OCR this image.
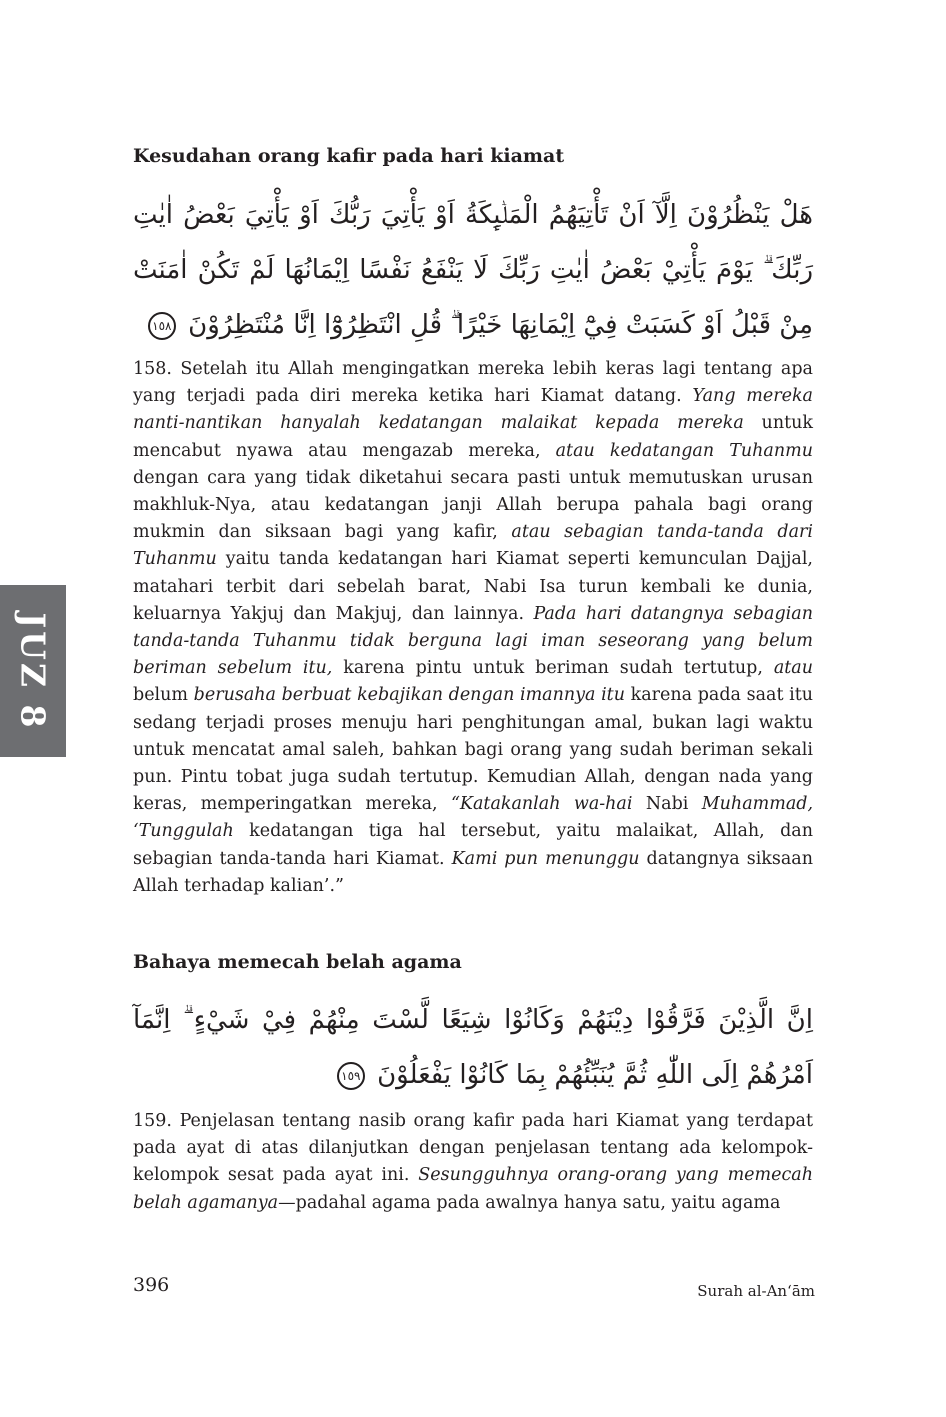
JUZ 8
Kesudahan orang kafir pada hari kiamat

هَلْ يَنْظُرُوْنَ اِلَّآ اَنْ تَأْتِيَهُمُ الْمَلٰۤىِٕكَةُ اَوْ يَأْتِيَ رَبُّكَ اَوْ يَأْتِيَ بَعْضُ اٰيٰتِ رَبِّكَ ۗ يَوْمَ يَأْتِيْ بَعْضُ اٰيٰتِ رَبِّكَ لَا يَنْفَعُ نَفْسًا اِيْمَانُهَا لَمْ تَكُنْ اٰمَنَتْ مِنْ قَبْلُ اَوْ كَسَبَتْ فِيْٓ اِيْمَانِهَا خَيْرًا ۗ قُلِ انْتَظِرُوْٓا اِنَّا مُنْتَظِرُوْنَ ١٥٨

158. Setelah itu Allah mengingatkan mereka lebih keras lagi tentang apa yang terjadi pada diri mereka ketika hari Kiamat datang. Yang mereka nanti-nantikan hanyalah kedatangan malaikat kepada mereka untuk mencabut nyawa atau mengazab mereka, atau kedatangan Tuhanmu dengan cara yang tidak diketahui secara pasti untuk memutuskan urusan makhluk-Nya, atau kedatangan janji Allah berupa pahala bagi orang mukmin dan siksaan bagi yang kafir, atau sebagian tanda-tanda dari Tuhanmu yaitu tanda kedatangan hari Kiamat seperti kemunculan Dajjal, matahari terbit dari sebelah barat, Nabi Isa turun kembali ke dunia, keluarnya Yakjuj dan Makjuj, dan lainnya. Pada hari datangnya sebagian tanda-tanda Tuhanmu tidak berguna lagi iman seseorang yang belum beriman sebelum itu, karena pintu untuk beriman sudah tertutup, atau belum berusaha berbuat kebajikan dengan imannya itu karena pada saat itu sedang terjadi proses menuju hari penghitungan amal, bukan lagi waktu untuk mencatat amal saleh, bahkan bagi orang yang sudah beriman sekali pun. Pintu tobat juga sudah tertutup. Kemudian Allah, dengan nada yang keras, memperingatkan mereka, “Katakanlah wa-hai Nabi Muhammad, ‘Tunggulah kedatangan tiga hal tersebut, yaitu malaikat, Allah, dan sebagian tanda-tanda hari Kiamat. Kami pun menunggu datangnya siksaan Allah terhadap kalian’.”

Bahaya memecah belah agama

اِنَّ الَّذِيْنَ فَرَّقُوْا دِيْنَهُمْ وَكَانُوْا شِيَعًا لَّسْتَ مِنْهُمْ فِيْ شَيْءٍ ۗ اِنَّمَآ اَمْرُهُمْ اِلَى اللّٰهِ ثُمَّ يُنَبِّئُهُمْ بِمَا كَانُوْا يَفْعَلُوْنَ ١٥٩

159. Penjelasan tentang nasib orang kafir pada hari Kiamat yang terdapat pada ayat di atas dilanjutkan dengan penjelasan tentang ada kelompok-kelompok sesat pada ayat ini. Sesungguhnya orang-orang yang memecah belah agamanya—padahal agama pada awalnya hanya satu, yaitu agama

396	Surah al-An‘ām
